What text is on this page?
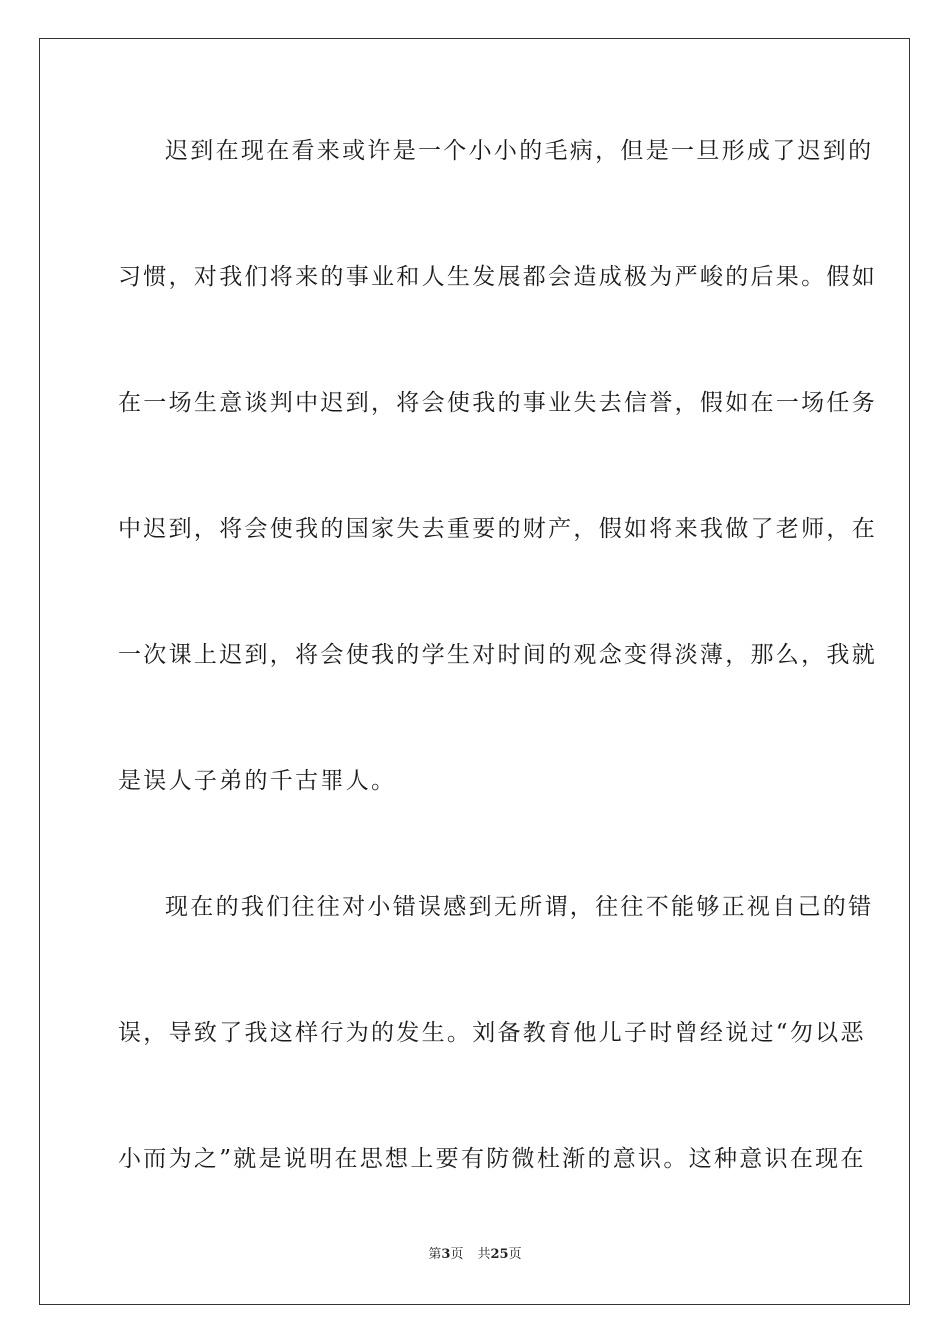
迟到在现在看来或许是一个小小的毛病，但是一旦形成了迟到的
习惯，对我们将来的事业和人生发展都会造成极为严峻的后果。假如
在一场生意谈判中迟到，将会使我的事业失去信誉，假如在一场任务
中迟到，将会使我的国家失去重要的财产，假如将来我做了老师，在
一次课上迟到，将会使我的学生对时间的观念变得淡薄，那么，我就
是误人子弟的千古罪人。
现在的我们往往对小错误感到无所谓，往往不能够正视自己的错
误，导致了我这样行为的发生。刘备教育他儿子时曾经说过“勿以恶
小而为之”就是说明在思想上要有防微杜渐的意识。这种意识在现在
第3页 共25页
